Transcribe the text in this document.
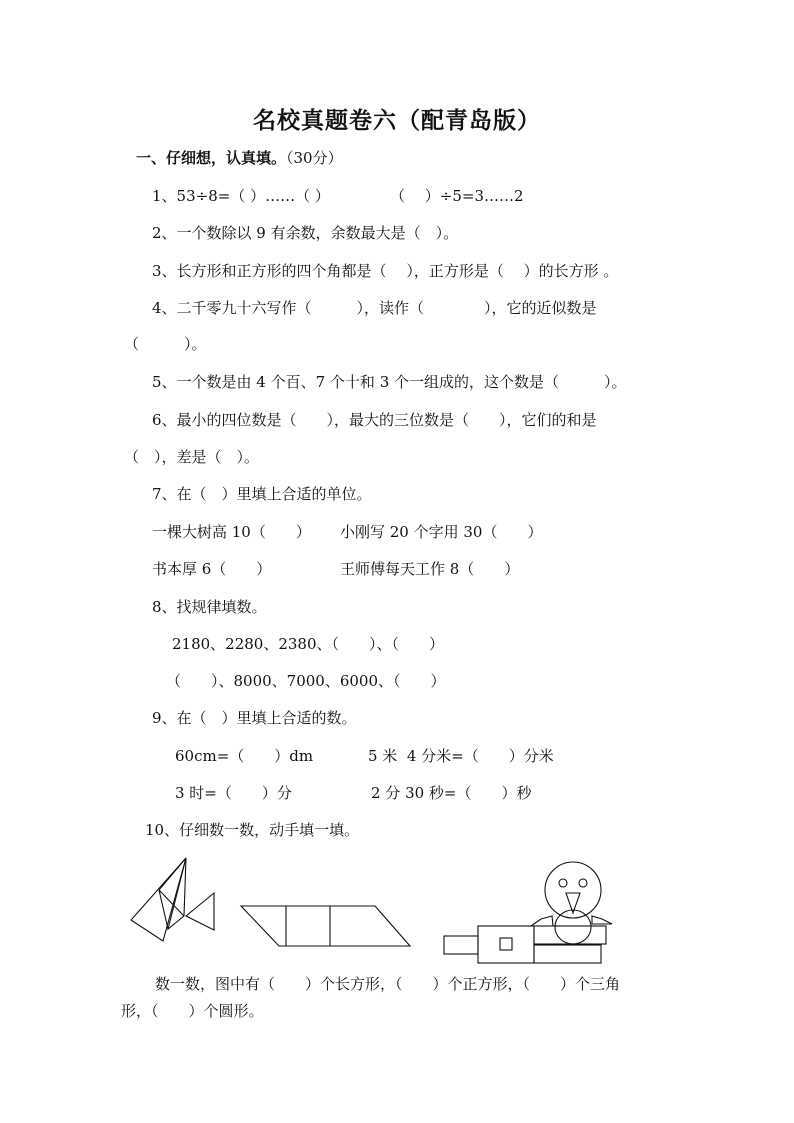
名校真题卷六（配青岛版）
一、仔细想，认真填。（30分）
1、53÷8=（ ）……（ ）	（　 ）÷5=3……2
2、一个数除以 9 有余数，余数最大是（　）。
3、长方形和正方形的四个角都是（　 ），正方形是（　 ）的长方形 。
4、二千零九十六写作（　　　），读作（　　　　），它的近似数是
（　　　）。
5、一个数是由 4 个百、7 个十和 3 个一组成的，这个数是（　　　）。
6、最小的四位数是（　　），最大的三位数是（　　），它们的和是
（　），差是（　）。
7、在（　）里填上合适的单位。
一棵大树高 10（　　） 小刚写 20 个字用 30（　　）
书本厚 6（　　）	王师傅每天工作 8（　　）
8、找规律填数。
2180、2280、2380、（　　）、（　　）
（　　）、8000、7000、6000、（　　）
9、在（　）里填上合适的数。
60cm=（　　）dm	5 米  4 分米=（　　）分米
3 时=（　　）分	2 分 30 秒=（　　）秒
10、仔细数一数，动手填一填。
数一数，图中有（　　）个长方形，（　　）个正方形，（　　）个三角
形，（　　）个圆形。
